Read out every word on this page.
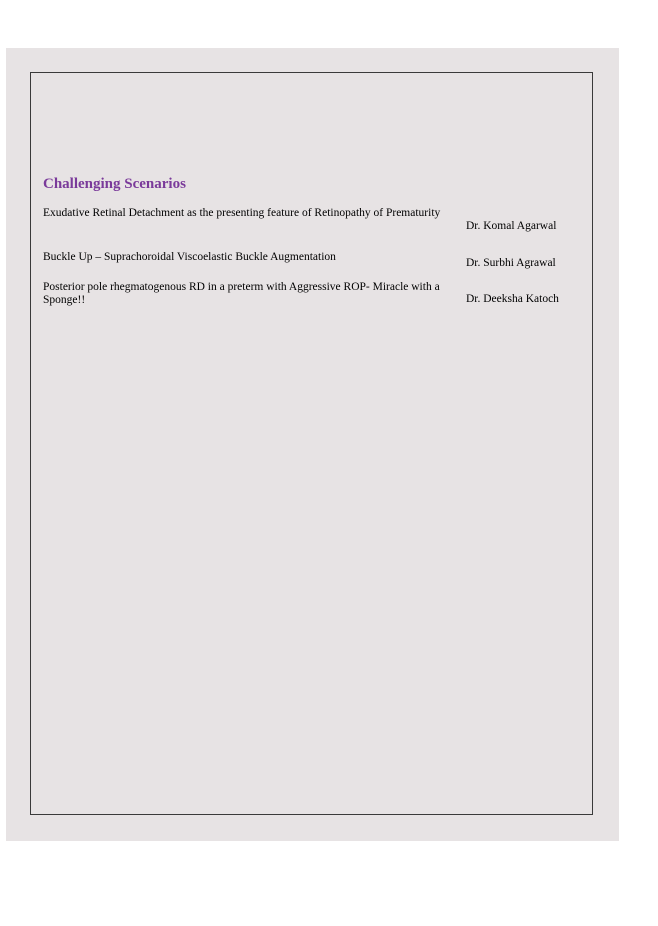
Challenging Scenarios
Exudative Retinal Detachment as the presenting feature of Retinopathy of Prematurity
Dr. Komal Agarwal
Buckle Up – Suprachoroidal Viscoelastic Buckle Augmentation	Dr. Surbhi Agrawal
Posterior pole rhegmatogenous RD in a preterm with Aggressive ROP- Miracle with a Sponge!!	Dr. Deeksha Katoch
